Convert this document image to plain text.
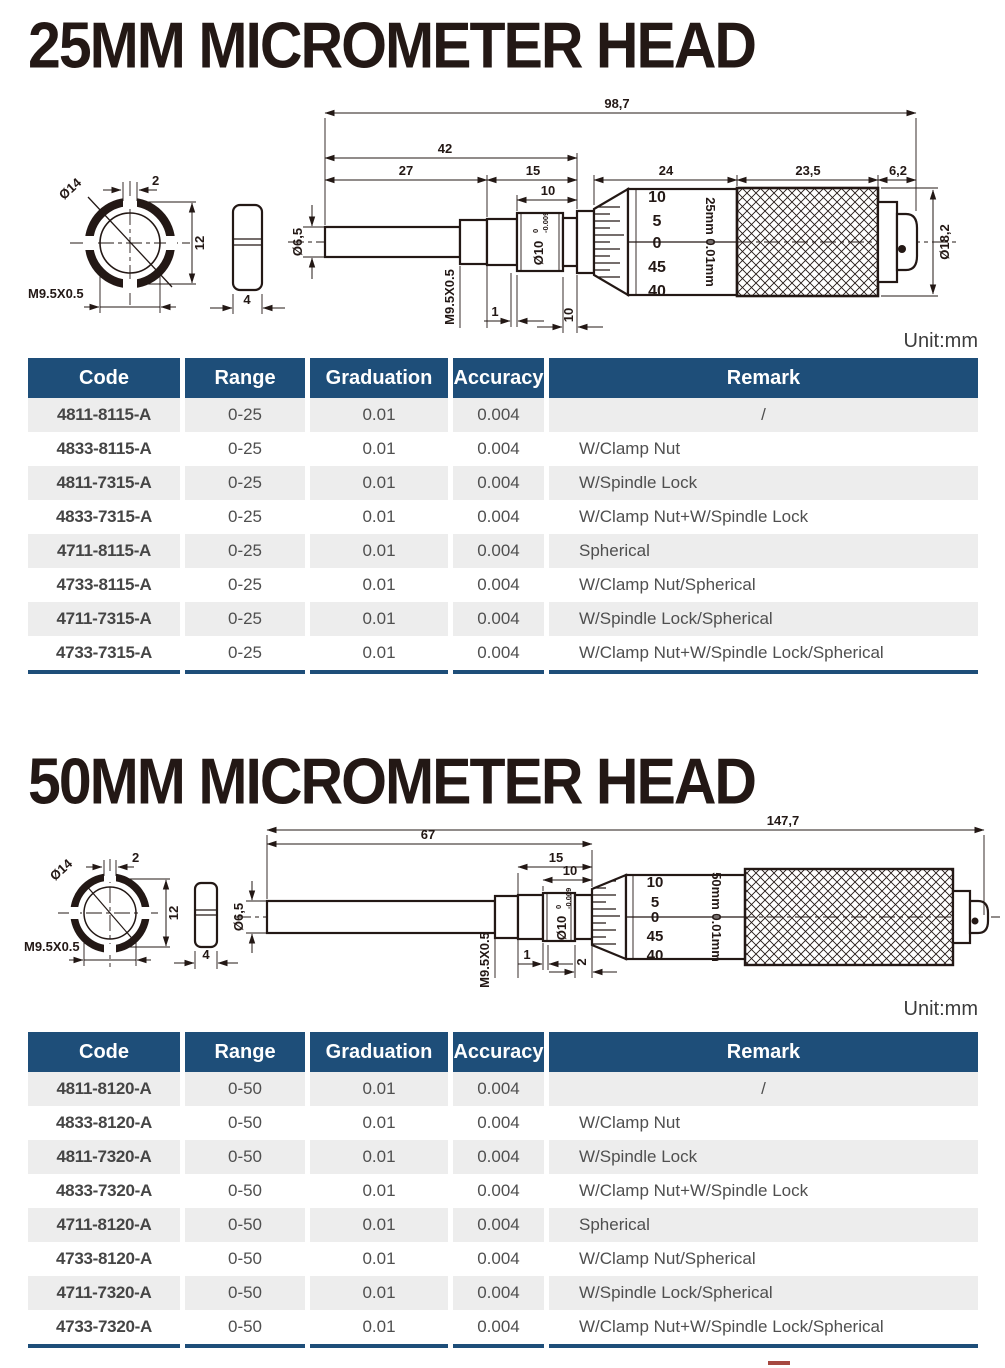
25MM MICROMETER HEAD
Ø14	2
12
M9.5X0.5	4
10
5
0
45
40
25mm 0.01mm
Ø6,5	Ø10
0 -0.009
M9.5X0.5	1	10
Ø18,2
98,7
42
27	15	24	23,5	6,2
10
Unit:mm
Code	Range	Graduation	Accuracy	Remark
4811-8115-A	0-25	0.01	0.004	/
4833-8115-A	0-25	0.01	0.004	W/Clamp Nut
4811-7315-A	0-25	0.01	0.004	W/Spindle Lock
4833-7315-A	0-25	0.01	0.004	W/Clamp Nut+W/Spindle Lock
4711-8115-A	0-25	0.01	0.004	Spherical
4733-8115-A	0-25	0.01	0.004	W/Clamp Nut/Spherical
4711-7315-A	0-25	0.01	0.004	W/Spindle Lock/Spherical
4733-7315-A	0-25	0.01	0.004	W/Clamp Nut+W/Spindle Lock/Spherical
50MM MICROMETER HEAD
Ø14	2
12
M9.5X0.5
4
10
5
0
45
40	50mm 0.01mm
Ø6,5	Ø10
0 -0.009
M9.5X0.5 1	2
147,7
67
15
10
Unit:mm
Code	Range	Graduation	Accuracy	Remark
4811-8120-A	0-50	0.01	0.004	/
4833-8120-A	0-50	0.01	0.004	W/Clamp Nut
4811-7320-A	0-50	0.01	0.004	W/Spindle Lock
4833-7320-A	0-50	0.01	0.004	W/Clamp Nut+W/Spindle Lock
4711-8120-A	0-50	0.01	0.004	Spherical
4733-8120-A	0-50	0.01	0.004	W/Clamp Nut/Spherical
4711-7320-A	0-50	0.01	0.004	W/Spindle Lock/Spherical
4733-7320-A	0-50	0.01	0.004	W/Clamp Nut+W/Spindle Lock/Spherical
